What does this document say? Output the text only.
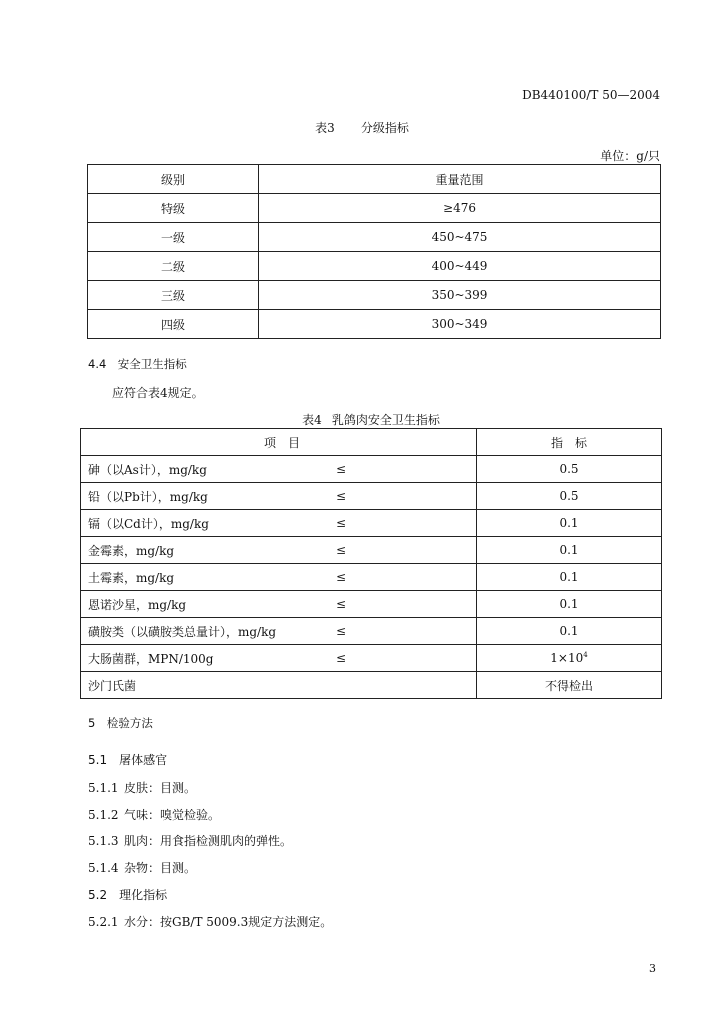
DB440100/T 50—2004
表3 分级指标
单位：g/只
级别	重量范围
特级	≥476
一级	450~475
二级	400~449
三级	350~399
四级	300~349
4.4　安全卫生指标
应符合表4规定。
表4 乳鸽肉安全卫生指标
项　目	指　标
砷（以As计），mg/kg ≤	0.5
铅（以Pb计），mg/kg ≤	0.5
镉（以Cd计），mg/kg ≤	0.1
金霉素，mg/kg ≤	0.1
土霉素，mg/kg ≤	0.1
恩诺沙星，mg/kg ≤	0.1
磺胺类（以磺胺类总量计），mg/kg ≤	0.1
大肠菌群，MPN/100g ≤	$1\times 10^4$
沙门氏菌	不得检出
5　检验方法
5.1　屠体感官
5.1.1 皮肤：目测。
5.1.2 气味：嗅觉检验。
5.1.3 肌肉：用食指检测肌肉的弹性。
5.1.4 杂物：目测。
5.2　理化指标
5.2.1 水分：按GB/T 5009.3规定方法测定。
3
